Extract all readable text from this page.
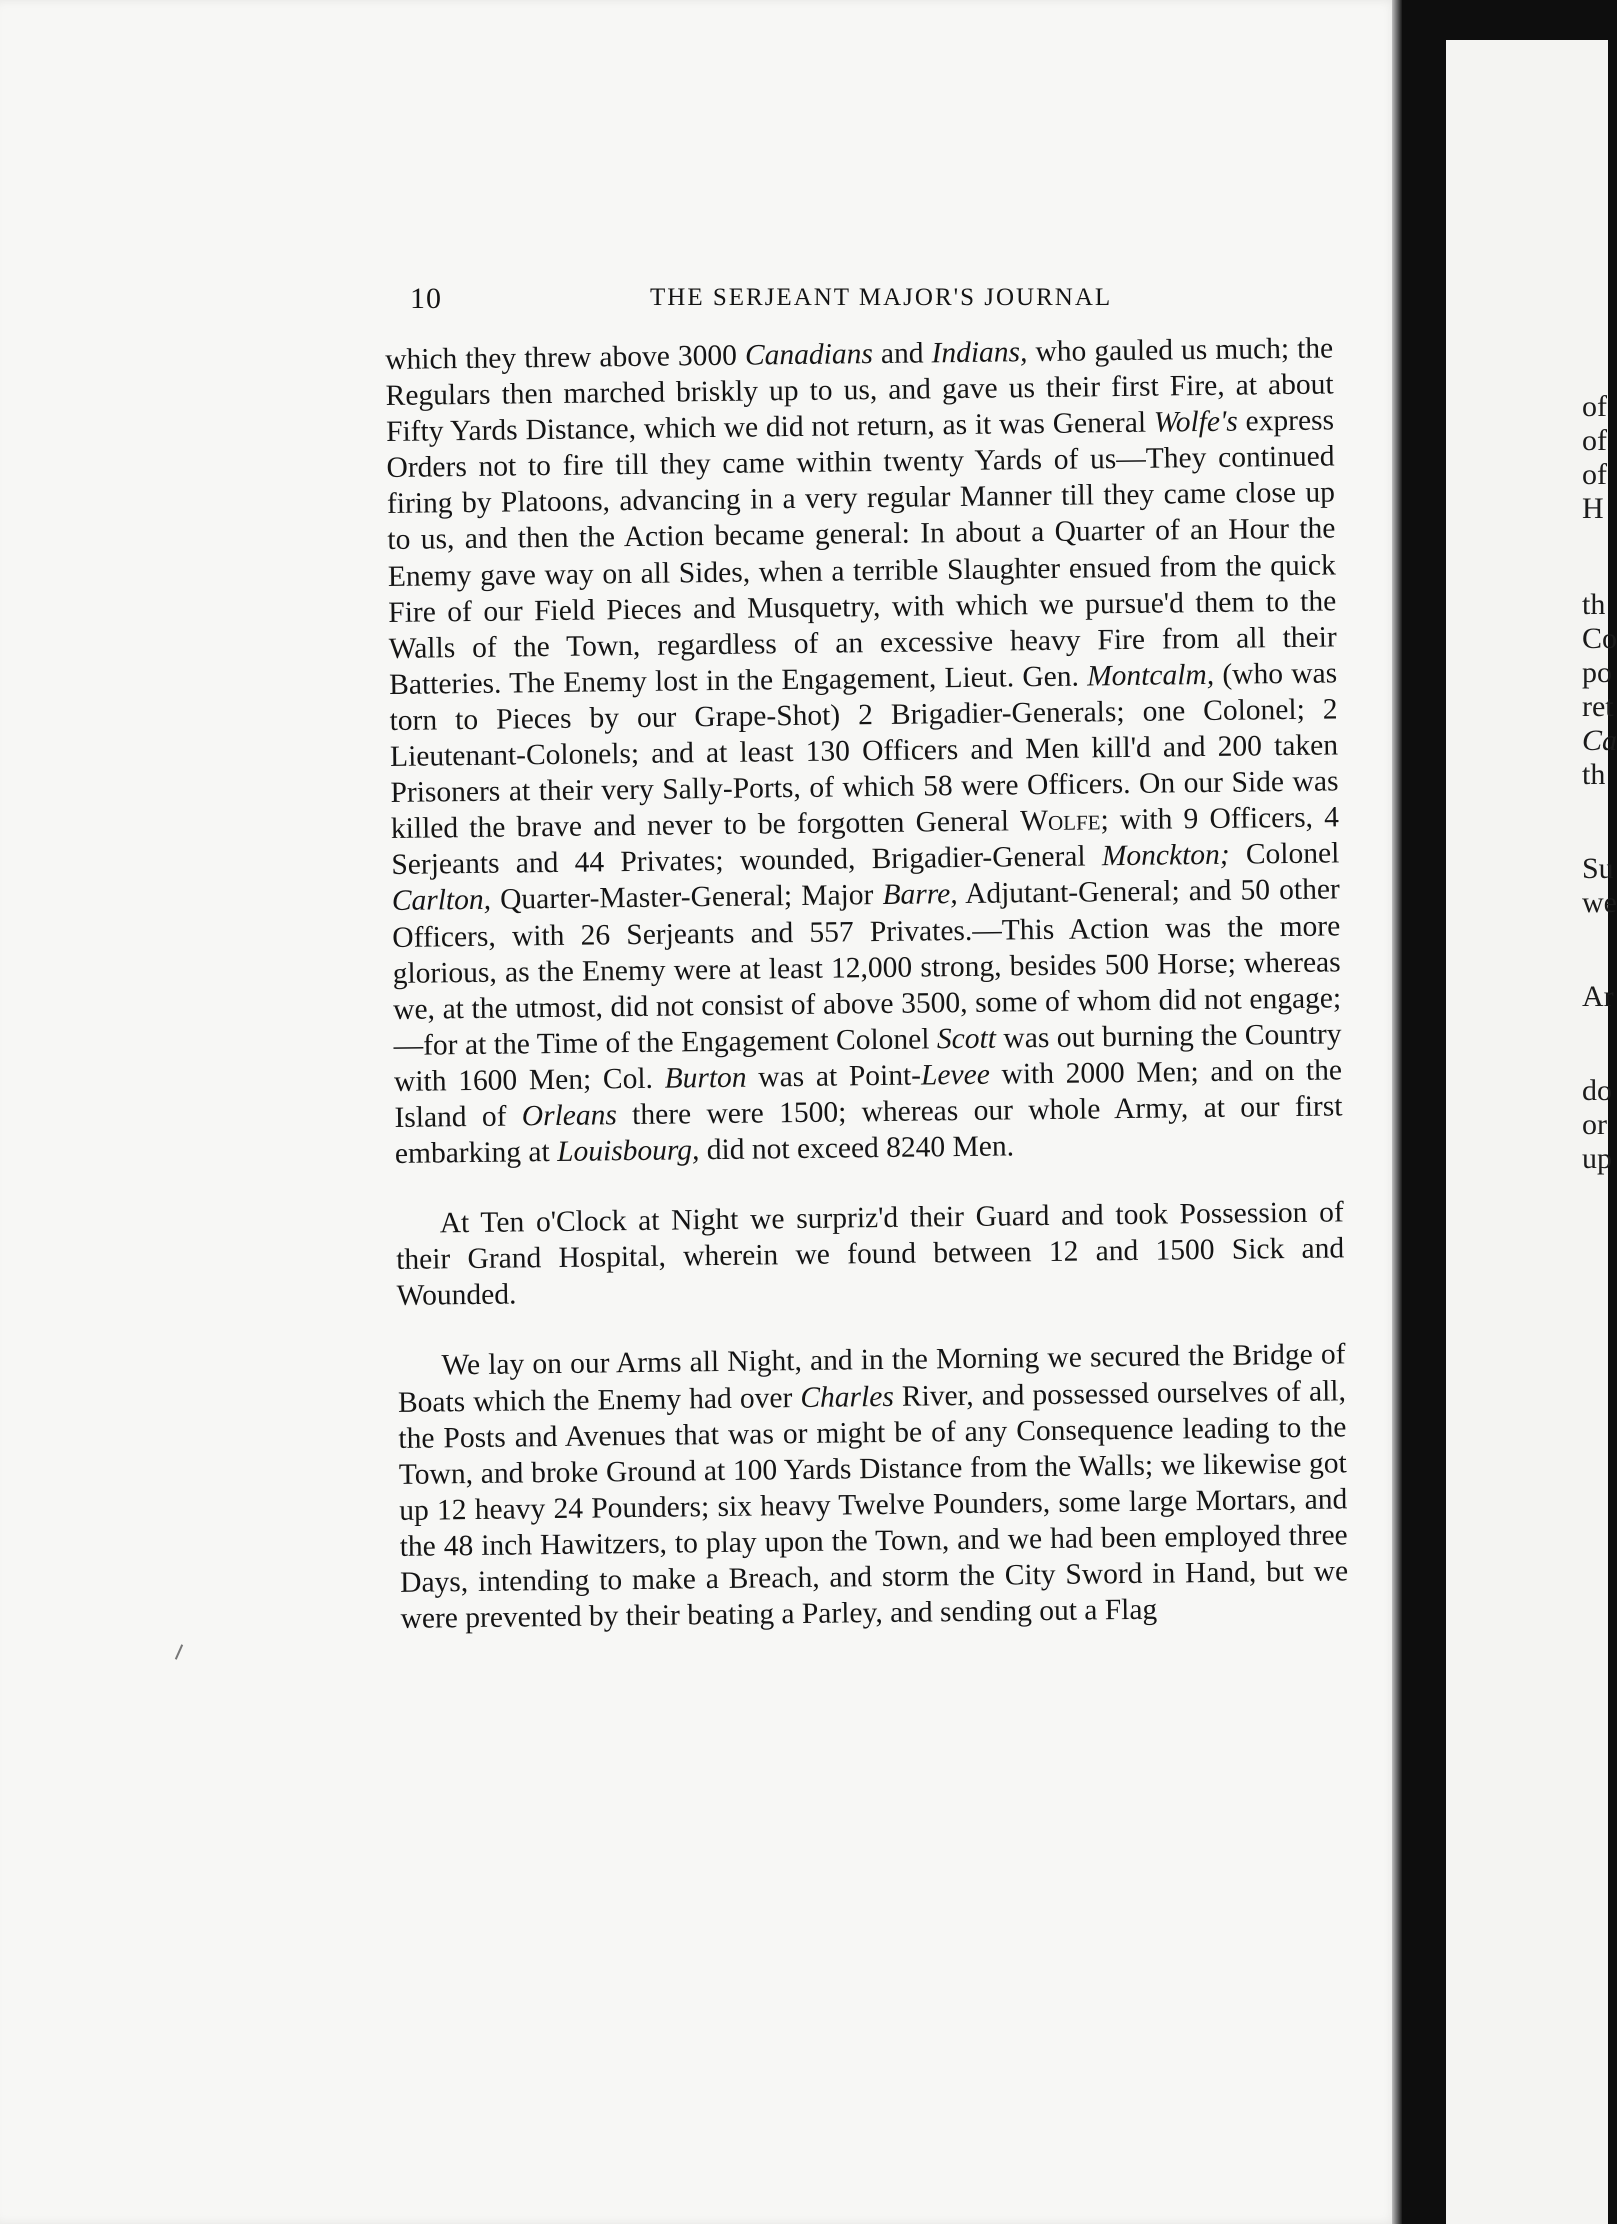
10	THE SERJEANT MAJOR'S JOURNAL

which they threw above 3000 Canadians and Indians, who gauled us much; the Regulars then marched briskly up to us, and gave us their first Fire, at about Fifty Yards Distance, which we did not return, as it was General Wolfe's express Orders not to fire till they came within twenty Yards of us—They continued firing by Platoons, advancing in a very regular Manner till they came close up to us, and then the Action became general: In about a Quarter of an Hour the Enemy gave way on all Sides, when a terrible Slaughter ensued from the quick Fire of our Field Pieces and Musquetry, with which we pursue'd them to the Walls of the Town, regardless of an excessive heavy Fire from all their Batteries. The Enemy lost in the Engagement, Lieut. Gen. Montcalm, (who was torn to Pieces by our Grape-Shot) 2 Brigadier-Generals; one Colonel; 2 Lieutenant-Colonels; and at least 130 Officers and Men kill'd and 200 taken Prisoners at their very Sally-Ports, of which 58 were Officers. On our Side was killed the brave and never to be forgotten General Wolfe; with 9 Officers, 4 Serjeants and 44 Privates; wounded, Brigadier-General Monckton; Colonel Carlton, Quarter-Master-General; Major Barre, Adjutant-General; and 50 other Officers, with 26 Serjeants and 557 Privates.—This Action was the more glorious, as the Enemy were at least 12,000 strong, besides 500 Horse; whereas we, at the utmost, did not consist of above 3500, some of whom did not engage;—for at the Time of the Engagement Colonel Scott was out burning the Country with 1600 Men; Col. Burton was at Point-Levee with 2000 Men; and on the Island of Orleans there were 1500; whereas our whole Army, at our first embarking at Louisbourg, did not exceed 8240 Men.

At Ten o'Clock at Night we surpriz'd their Guard and took Possession of their Grand Hospital, wherein we found between 12 and 1500 Sick and Wounded.

We lay on our Arms all Night, and in the Morning we secured the Bridge of Boats which the Enemy had over Charles River, and possessed ourselves of all, the Posts and Avenues that was or might be of any Consequence leading to the Town, and broke Ground at 100 Yards Distance from the Walls; we likewise got up 12 heavy 24 Pounders; six heavy Twelve Pounders, some large Mortars, and the 48 inch Hawitzers, to play upon the Town, and we had been employed three Days, intending to make a Breach, and storm the City Sword in Hand, but we were prevented by their beating a Parley, and sending out a Flag

of
of
of
H
th
Co
po
ret
Ca
th
Su
we
Ar
do
or
up
